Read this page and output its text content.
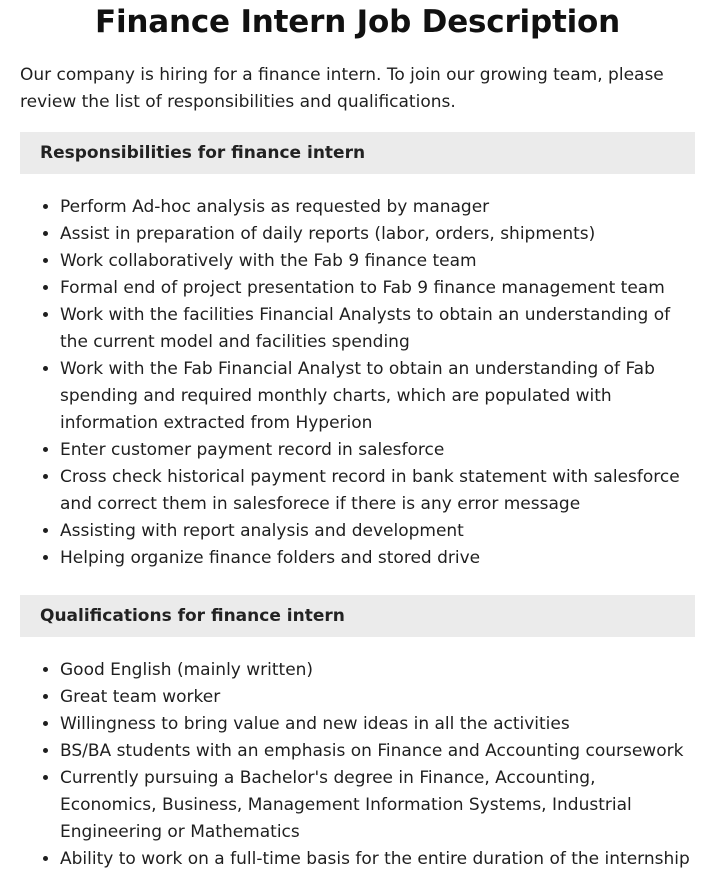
Finance Intern Job Description

Our company is hiring for a finance intern. To join our growing team, please review the list of responsibilities and qualifications.

Responsibilities for finance intern
• Perform Ad-hoc analysis as requested by manager
• Assist in preparation of daily reports (labor, orders, shipments)
• Work collaboratively with the Fab 9 finance team
• Formal end of project presentation to Fab 9 finance management team
• Work with the facilities Financial Analysts to obtain an understanding of the current model and facilities spending
• Work with the Fab Financial Analyst to obtain an understanding of Fab spending and required monthly charts, which are populated with information extracted from Hyperion
• Enter customer payment record in salesforce
• Cross check historical payment record in bank statement with salesforce and correct them in salesforece if there is any error message
• Assisting with report analysis and development
• Helping organize finance folders and stored drive
Qualifications for finance intern
• Good English (mainly written)
• Great team worker
• Willingness to bring value and new ideas in all the activities
• BS/BA students with an emphasis on Finance and Accounting coursework
• Currently pursuing a Bachelor's degree in Finance, Accounting, Economics, Business, Management Information Systems, Industrial Engineering or Mathematics
• Ability to work on a full-time basis for the entire duration of the internship
